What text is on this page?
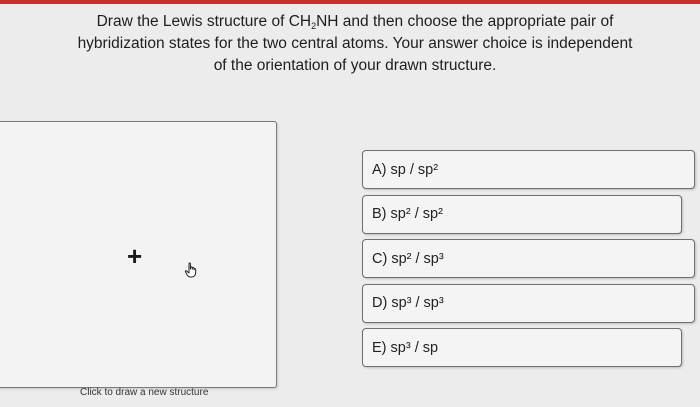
Draw the Lewis structure of $CH_2NH$ and then choose the appropriate pair of
hybridization states for the two central atoms. Your answer choice is independent
of the orientation of your drawn structure.
+
Click to draw a new structure
A) sp / sp²
B) sp² / sp²
C) sp² / sp³
D) sp³ / sp³
E) sp³ / sp
